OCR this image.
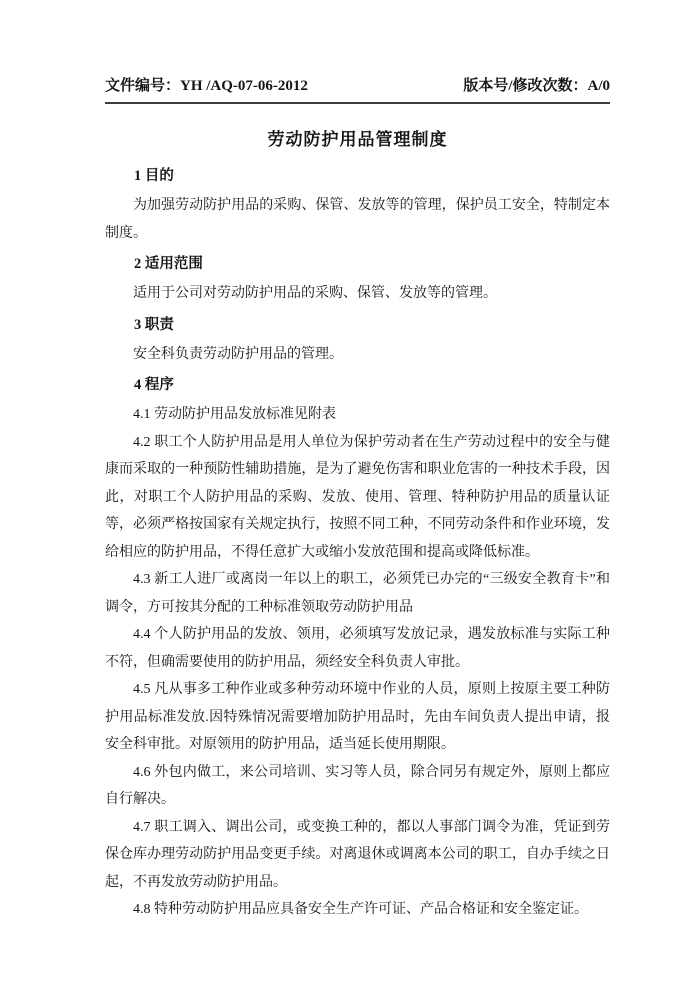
文件编号：YH /AQ-07-06-2012	版本号/修改次数：A/0
劳动防护用品管理制度

1 目的

为加强劳动防护用品的采购、保管、发放等的管理，保护员工安全，特制定本制度。

2 适用范围

适用于公司对劳动防护用品的采购、保管、发放等的管理。

3 职责

安全科负责劳动防护用品的管理。

4 程序

4.1 劳动防护用品发放标准见附表

4.2 职工个人防护用品是用人单位为保护劳动者在生产劳动过程中的安全与健康而采取的一种预防性辅助措施，是为了避免伤害和职业危害的一种技术手段，因此，对职工个人防护用品的采购、发放、使用、管理、特种防护用品的质量认证等，必须严格按国家有关规定执行，按照不同工种，不同劳动条件和作业环境，发给相应的防护用品，不得任意扩大或缩小发放范围和提高或降低标准。

4.3 新工人进厂或离岗一年以上的职工，必须凭已办完的“三级安全教育卡”和调令，方可按其分配的工种标准领取劳动防护用品

4.4 个人防护用品的发放、领用，必须填写发放记录，遇发放标准与实际工种不符，但确需要使用的防护用品，须经安全科负责人审批。

4.5 凡从事多工种作业或多种劳动环境中作业的人员，原则上按原主要工种防护用品标准发放.因特殊情况需要增加防护用品时，先由车间负责人提出申请，报安全科审批。对原领用的防护用品，适当延长使用期限。

4.6 外包内做工，来公司培训、实习等人员，除合同另有规定外，原则上都应自行解决。

4.7 职工调入、调出公司，或变换工种的，都以人事部门调令为准，凭证到劳保仓库办理劳动防护用品变更手续。对离退休或调离本公司的职工，自办手续之日起，不再发放劳动防护用品。

4.8 特种劳动防护用品应具备安全生产许可证、产品合格证和安全鉴定证。
